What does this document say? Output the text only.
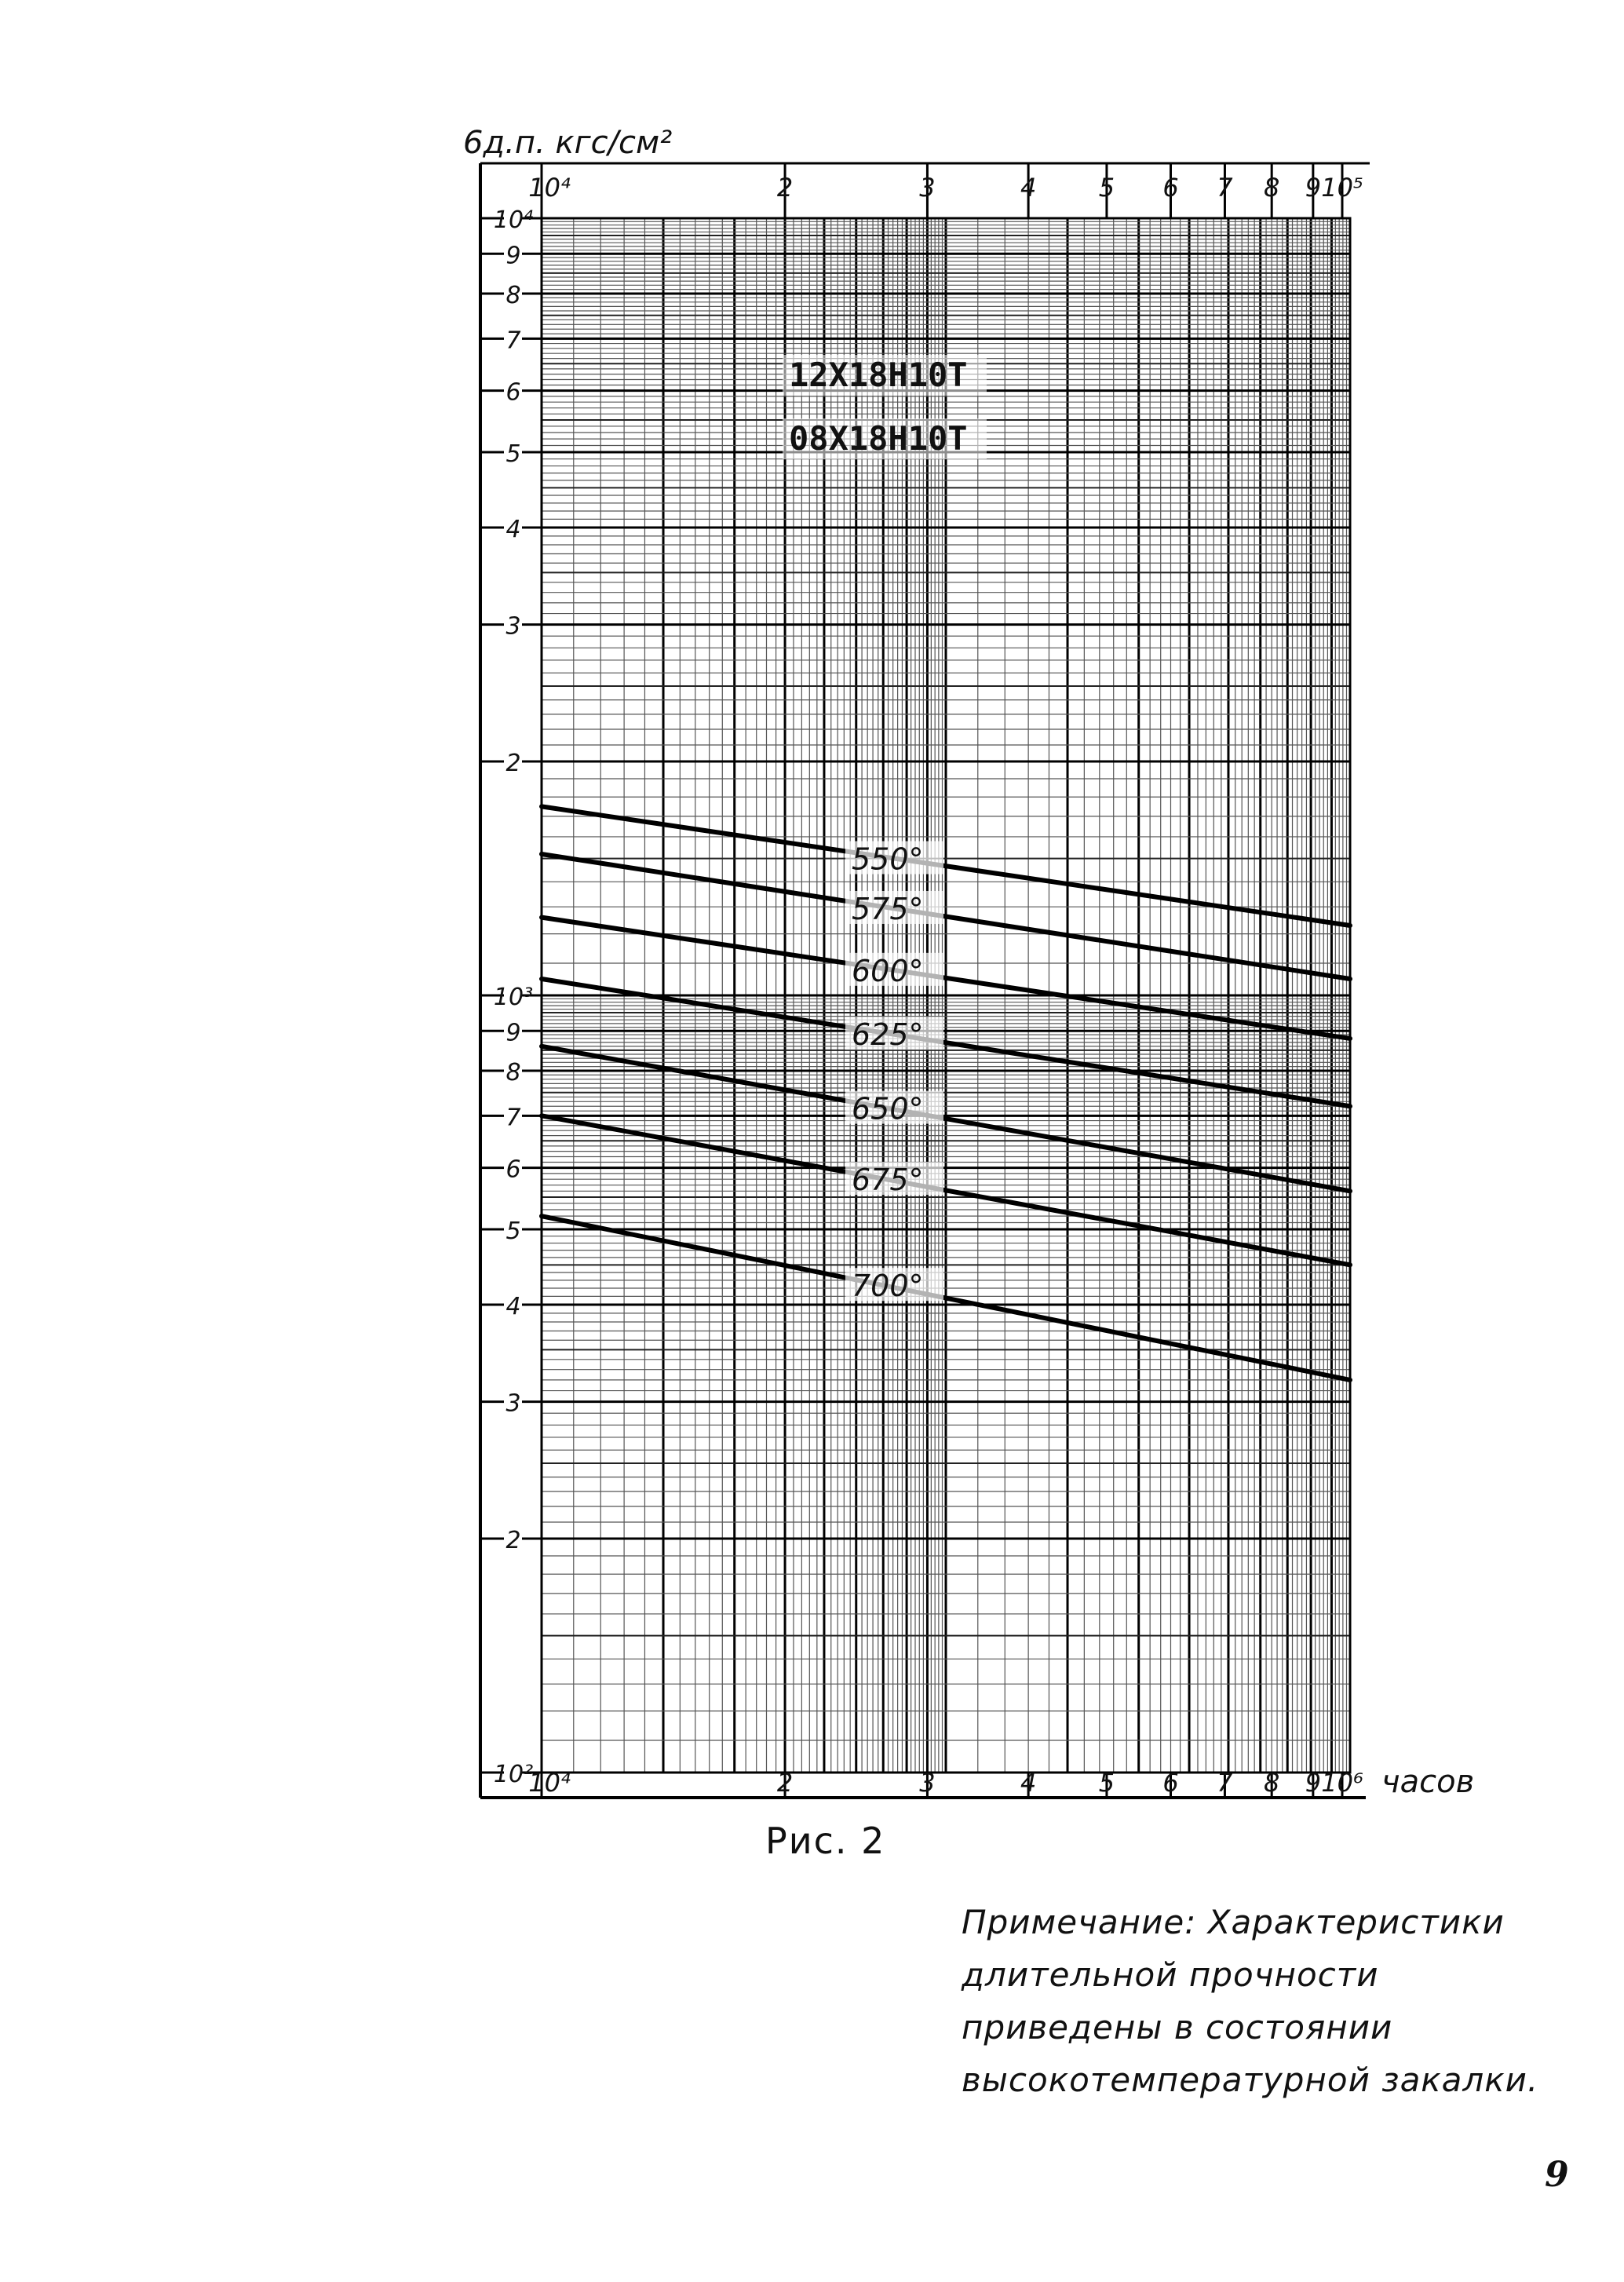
10⁴
9
8
7
6
5
4
3
2
10³
9
8
7
6
5
4
3
2
10²
10⁴
10⁴
2
2
3
3
4
4
5
5
6
6
7
7
8
8
9
9
10⁵
10⁶
6д.п. кгс/см²
часов
12Х18Н10Т
08Х18Н10Т
550°
575°
600°
625°
650°
675°
700°
Рис. 2
Примечание: Характеристики длительной прочности приведены в состоянии высокотемпературной закалки.
9
